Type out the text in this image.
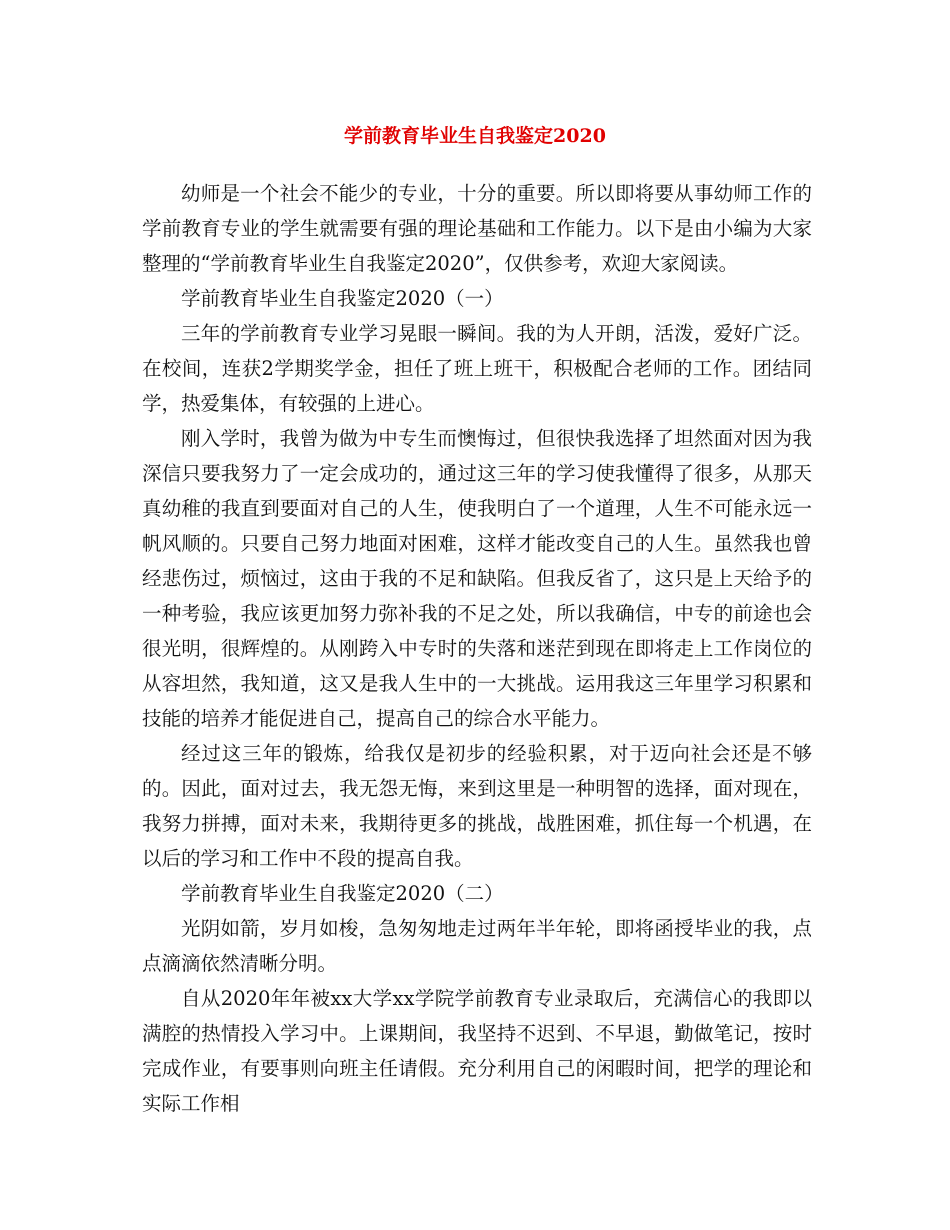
学前教育毕业生自我鉴定2020

幼师是一个社会不能少的专业，十分的重要。所以即将要从事幼师工作的学前教育专业的学生就需要有强的理论基础和工作能力。以下是由小编为大家整理的“学前教育毕业生自我鉴定2020”，仅供参考，欢迎大家阅读。

学前教育毕业生自我鉴定2020（一）

三年的学前教育专业学习晃眼一瞬间。我的为人开朗，活泼，爱好广泛。在校间，连获2学期奖学金，担任了班上班干，积极配合老师的工作。团结同学，热爱集体，有较强的上进心。

刚入学时，我曾为做为中专生而懊悔过，但很快我选择了坦然面对因为我深信只要我努力了一定会成功的，通过这三年的学习使我懂得了很多，从那天真幼稚的我直到要面对自己的人生，使我明白了一个道理，人生不可能永远一帆风顺的。只要自己努力地面对困难，这样才能改变自己的人生。虽然我也曾经悲伤过，烦恼过，这由于我的不足和缺陷。但我反省了，这只是上天给予的一种考验，我应该更加努力弥补我的不足之处，所以我确信，中专的前途也会很光明，很辉煌的。从刚跨入中专时的失落和迷茫到现在即将走上工作岗位的从容坦然，我知道，这又是我人生中的一大挑战。运用我这三年里学习积累和技能的培养才能促进自己，提高自己的综合水平能力。

经过这三年的锻炼，给我仅是初步的经验积累，对于迈向社会还是不够的。因此，面对过去，我无怨无悔，来到这里是一种明智的选择，面对现在，我努力拼搏，面对未来，我期待更多的挑战，战胜困难，抓住每一个机遇，在以后的学习和工作中不段的提高自我。

学前教育毕业生自我鉴定2020（二）

光阴如箭，岁月如梭，急匆匆地走过两年半年轮，即将函授毕业的我，点点滴滴依然清晰分明。

自从2020年年被xx大学xx学院学前教育专业录取后，充满信心的我即以满腔的热情投入学习中。上课期间，我坚持不迟到、不早退，勤做笔记，按时完成作业，有要事则向班主任请假。充分利用自己的闲暇时间，把学的理论和实际工作相
